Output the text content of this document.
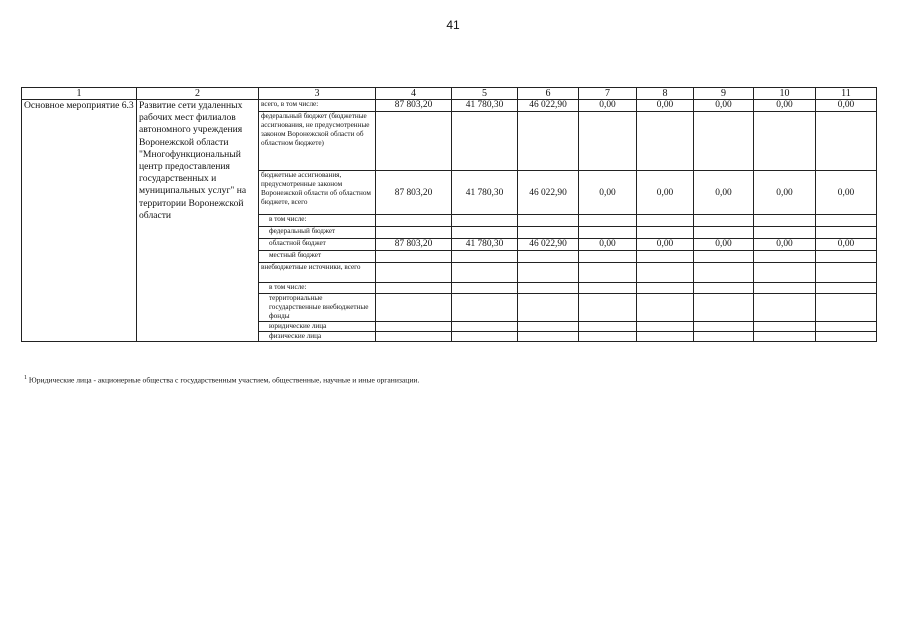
41
1	2	3	4	5	6	7	8	9	10	11
Основное мероприятие 6.3	Развитие сети удаленных рабочих мест филиалов автономного учреждения Воронежской области "Многофункциональный центр предоставления государственных и муниципальных услуг" на территории Воронежской области	всего, в том числе:	87 803,20	41 780,30	46 022,90	0,00	0,00	0,00	0,00	0,00
		федеральный бюджет (бюджетные ассигнования, не предусмотренные законом Воронежской области об областном бюджете)								
		бюджетные ассигнования, предусмотренные законом Воронежской области об областном бюджете, всего	87 803,20	41 780,30	46 022,90	0,00	0,00	0,00	0,00	0,00
		в том числе:								
		федеральный бюджет								
		областной бюджет	87 803,20	41 780,30	46 022,90	0,00	0,00	0,00	0,00	0,00
		местный бюджет								
		внебюджетные источники, всего								
		в том числе:								
		территориальные государственные внебюджетные фонды								
		юридические лица								
		физические лица								
$^1$ Юридические лица - акционерные общества с государственным участием, общественные, научные и иные организации.
